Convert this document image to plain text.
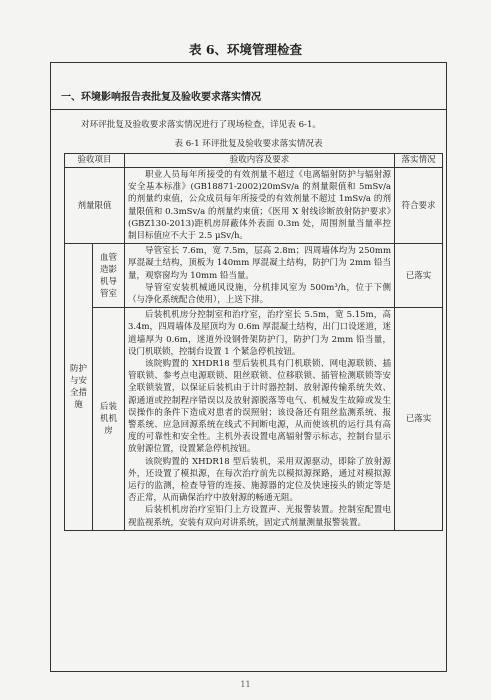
表 6、环境管理检查
一、环境影响报告表批复及验收要求落实情况
对环评批复及验收要求落实情况进行了现场检查，详见表 6-1。
表 6-1 环评批复及验收要求落实情况表
验收项目		验收内容及要求	落实情况
剂量限值		职业人员每年所接受的有效剂量不超过《电离辐射防护与辐射源安全基本标准》(GB18871-2002)20mSv/a 的剂量限值和 5mSv/a 的剂量约束值，公众成员每年所接受的有效剂量不超过 1mSv/a 的剂量限值和 0.3mSv/a 的剂量约束值；《医用 X 射线诊断放射防护要求》(GBZ130-2013)距机房屏蔽体外表面 0.3m 处，周围剂量当量率控制目标值应不大于 2.5 μSv/h。	符合要求
防护与安全措施	血管造影机导管室	导管室长 7.6m，宽 7.5m，层高 2.8m；四周墙体均为 250mm 厚混凝土结构，顶板为 140mm 厚混凝土结构，防护门为 2mm 铅当量，观察窗均为 10mm 铅当量。

导管室安装机械通风设施，分机排风室为 500m³/h，位于下侧（与净化系统配合使用），上送下排。	已落实
	后装机机房	后装机机房分控制室和治疗室，治疗室长 5.5m，宽 5.15m，高 3.4m，四周墙体及屋顶均为 0.6m 厚混凝土结构，出门口设迷道，迷道墙厚为 0.6m，迷道外设钢骨架防护门，防护门为 2mm 铅当量，设门机联锁，控制台设置 1 个紧急停机按钮。

该院购置的 XHDR18 型后装机具有门机联锁、网电源联锁、插管联锁、参考点电源联锁、阻丝联锁、位移联锁、插管检测联锁等安全联锁装置，以保证后装机由于计时器控制、放射源传输系统失效、源通道或控制程序错误以及放射源脱落等电气、机械发生故障或发生误操作的条件下造成对患者的误照射；该设备还有阻丝监测系统、报警系统、应急回源系统在线式不间断电源，从而使该机的运行具有高度的可靠性和安全性。主机外表设置电离辐射警示标志，控制台显示放射源位置，设置紧急停机按钮。

该院购置的 XHDR18 型后装机，采用双源驱动，即除了放射源外，还设置了模拟源，在每次治疗前先以模拟源探路，通过对模拟源运行的监测，检查导管的连接、施源器的定位及快速接头的锁定等是否正常，从而确保治疗中放射源的畅通无阻。

后装机机房治疗室铅门上方设置声、光报警装置。控制室配置电视监视系统，安装有双向对讲系统，固定式剂量测量报警装置。	已落实
11
